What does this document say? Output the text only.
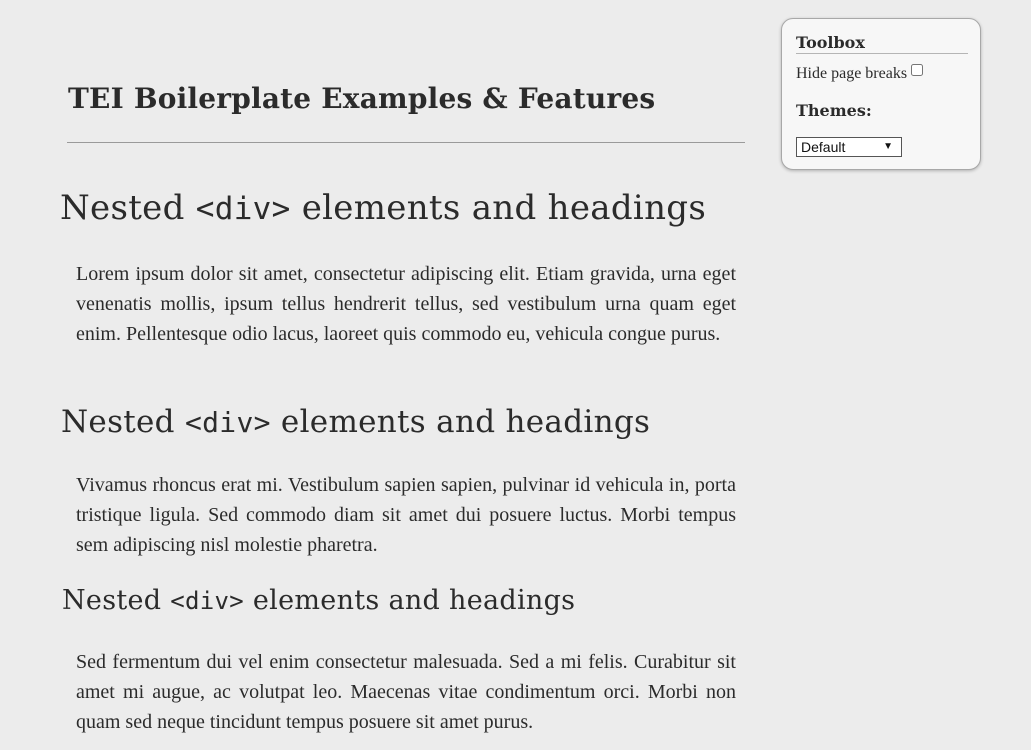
TEI Boilerplate Examples & Features
Nested <div> elements and headings

Lorem ipsum dolor sit amet, consectetur adipiscing elit. Etiam gravida, urna eget venenatis mollis, ipsum tellus hendrerit tellus, sed vestibulum urna quam eget enim. Pellentesque odio lacus, laoreet quis commodo eu, vehicula congue purus.

Nested <div> elements and headings

Vivamus rhoncus erat mi. Vestibulum sapien sapien, pulvinar id vehicula in, porta tristique ligula. Sed commodo diam sit amet dui posuere luctus. Morbi tempus sem adipiscing nisl molestie pharetra.

Nested <div> elements and headings

Sed fermentum dui vel enim consectetur malesuada. Sed a mi felis. Curabitur sit amet mi augue, ac volutpat leo. Maecenas vitae condimentum orci. Morbi non quam sed neque tincidunt tempus posuere sit amet purus.

Toolbox
Hide page breaks
Themes:
Default	▼
